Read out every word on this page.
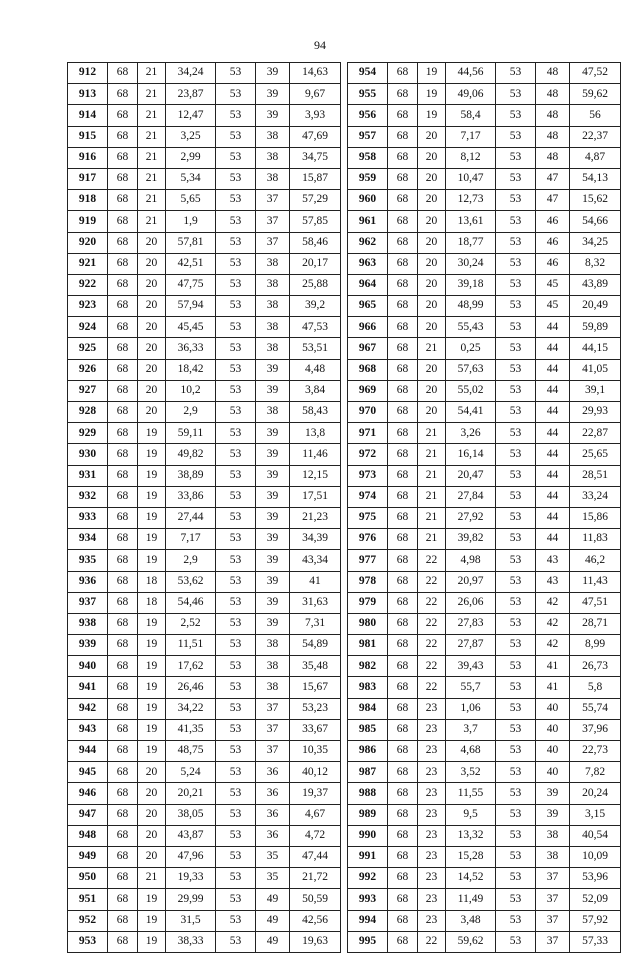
94
912	68	21	34,24	53	39	14,63
913	68	21	23,87	53	39	9,67
914	68	21	12,47	53	39	3,93
915	68	21	3,25	53	38	47,69
916	68	21	2,99	53	38	34,75
917	68	21	5,34	53	38	15,87
918	68	21	5,65	53	37	57,29
919	68	21	1,9	53	37	57,85
920	68	20	57,81	53	37	58,46
921	68	20	42,51	53	38	20,17
922	68	20	47,75	53	38	25,88
923	68	20	57,94	53	38	39,2
924	68	20	45,45	53	38	47,53
925	68	20	36,33	53	38	53,51
926	68	20	18,42	53	39	4,48
927	68	20	10,2	53	39	3,84
928	68	20	2,9	53	38	58,43
929	68	19	59,11	53	39	13,8
930	68	19	49,82	53	39	11,46
931	68	19	38,89	53	39	12,15
932	68	19	33,86	53	39	17,51
933	68	19	27,44	53	39	21,23
934	68	19	7,17	53	39	34,39
935	68	19	2,9	53	39	43,34
936	68	18	53,62	53	39	41
937	68	18	54,46	53	39	31,63
938	68	19	2,52	53	39	7,31
939	68	19	11,51	53	38	54,89
940	68	19	17,62	53	38	35,48
941	68	19	26,46	53	38	15,67
942	68	19	34,22	53	37	53,23
943	68	19	41,35	53	37	33,67
944	68	19	48,75	53	37	10,35
945	68	20	5,24	53	36	40,12
946	68	20	20,21	53	36	19,37
947	68	20	38,05	53	36	4,67
948	68	20	43,87	53	36	4,72
949	68	20	47,96	53	35	47,44
950	68	21	19,33	53	35	21,72
951	68	19	29,99	53	49	50,59
952	68	19	31,5	53	49	42,56
953	68	19	38,33	53	49	19,63
954	68	19	44,56	53	48	47,52
955	68	19	49,06	53	48	59,62
956	68	19	58,4	53	48	56
957	68	20	7,17	53	48	22,37
958	68	20	8,12	53	48	4,87
959	68	20	10,47	53	47	54,13
960	68	20	12,73	53	47	15,62
961	68	20	13,61	53	46	54,66
962	68	20	18,77	53	46	34,25
963	68	20	30,24	53	46	8,32
964	68	20	39,18	53	45	43,89
965	68	20	48,99	53	45	20,49
966	68	20	55,43	53	44	59,89
967	68	21	0,25	53	44	44,15
968	68	20	57,63	53	44	41,05
969	68	20	55,02	53	44	39,1
970	68	20	54,41	53	44	29,93
971	68	21	3,26	53	44	22,87
972	68	21	16,14	53	44	25,65
973	68	21	20,47	53	44	28,51
974	68	21	27,84	53	44	33,24
975	68	21	27,92	53	44	15,86
976	68	21	39,82	53	44	11,83
977	68	22	4,98	53	43	46,2
978	68	22	20,97	53	43	11,43
979	68	22	26,06	53	42	47,51
980	68	22	27,83	53	42	28,71
981	68	22	27,87	53	42	8,99
982	68	22	39,43	53	41	26,73
983	68	22	55,7	53	41	5,8
984	68	23	1,06	53	40	55,74
985	68	23	3,7	53	40	37,96
986	68	23	4,68	53	40	22,73
987	68	23	3,52	53	40	7,82
988	68	23	11,55	53	39	20,24
989	68	23	9,5	53	39	3,15
990	68	23	13,32	53	38	40,54
991	68	23	15,28	53	38	10,09
992	68	23	14,52	53	37	53,96
993	68	23	11,49	53	37	52,09
994	68	23	3,48	53	37	57,92
995	68	22	59,62	53	37	57,33
